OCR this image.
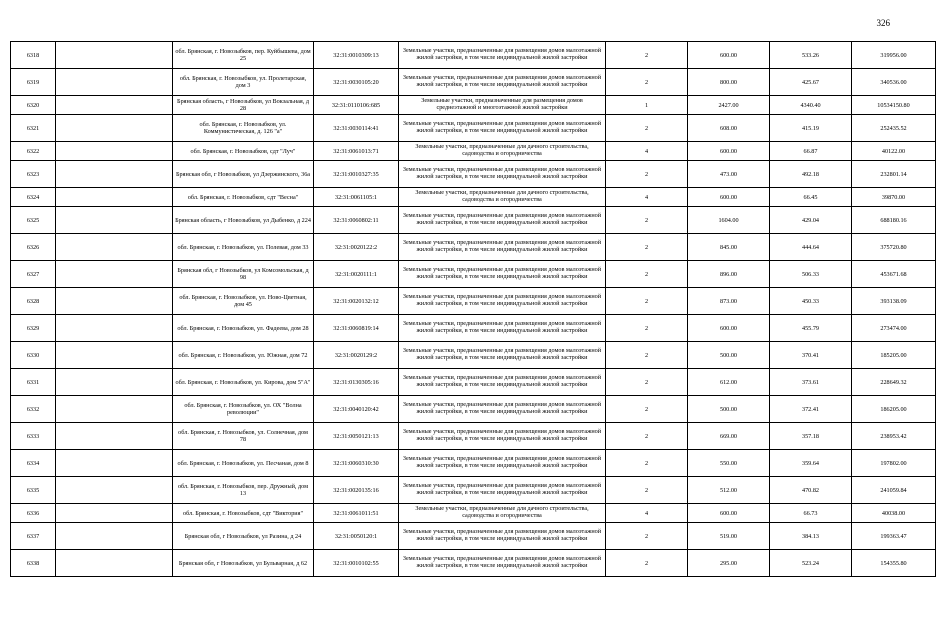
326
6318		обл. Брянская, г. Новозыбков, пер. Куйбышева, дом 25	32:31:0010309:13	Земельные участки, предназначенные для размещения домов малоэтажной жилой застройки, в том числе индивидуальной жилой застройки	2	600.00	533.26	319956.00
6319		обл. Брянская, г. Новозыбков, ул. Пролетарская, дом 3	32:31:0030105:20	Земельные участки, предназначенные для размещения домов малоэтажной жилой застройки, в том числе индивидуальной жилой застройки	2	800.00	425.67	340536.00
6320		Брянская область, г Новозыбков, ул Вокзальная, д 28	32:31:0110106:685	Земельные участки, предназначенные для размещения домов среднеэтажной и многоэтажной жилой застройки	1	2427.00	4340.40	10534150.80
6321		обл. Брянская, г. Новозыбков, ул. Коммунистическая, д. 126 "а"	32:31:0030114:41	Земельные участки, предназначенные для размещения домов малоэтажной жилой застройки, в том числе индивидуальной жилой застройки	2	608.00	415.19	252435.52
6322		обл. Брянская, г. Новозыбков, сдт "Луч"	32:31:0061013:71	Земельные участки, предназначенные для дачного строительства, садоводства и огородничества	4	600.00	66.87	40122.00
6323		Брянская обл, г Новозыбков, ул Дзержинского, 36а	32:31:0010327:35	Земельные участки, предназначенные для размещения домов малоэтажной жилой застройки, в том числе индивидуальной жилой застройки	2	473.00	492.18	232801.14
6324		обл. Брянская, г. Новозыбков, сдт "Весна"	32:31:0061105:1	Земельные участки, предназначенные для дачного строительства, садоводства и огородничества	4	600.00	66.45	39870.00
6325		Брянская область, г Новозыбков, ул Дыбенко, д 224	32:31:0060802:11	Земельные участки, предназначенные для размещения домов малоэтажной жилой застройки, в том числе индивидуальной жилой застройки	2	1604.00	429.04	688180.16
6326		обл. Брянская, г. Новозыбков, ул. Полевая, дом 33	32:31:0020122:2	Земельные участки, предназначенные для размещения домов малоэтажной жилой застройки, в том числе индивидуальной жилой застройки	2	845.00	444.64	375720.80
6327		Брянская обл, г Новозыбков, ул Комсомольская, д 98	32:31:0020111:1	Земельные участки, предназначенные для размещения домов малоэтажной жилой застройки, в том числе индивидуальной жилой застройки	2	896.00	506.33	453671.68
6328		обл. Брянская, г. Новозыбков, ул. Ново-Цветная, дом 45	32:31:0020132:12	Земельные участки, предназначенные для размещения домов малоэтажной жилой застройки, в том числе индивидуальной жилой застройки	2	873.00	450.33	393138.09
6329		обл. Брянская, г. Новозыбков, ул. Фадеева, дом 28	32:31:0060819:14	Земельные участки, предназначенные для размещения домов малоэтажной жилой застройки, в том числе индивидуальной жилой застройки	2	600.00	455.79	273474.00
6330		обл. Брянская, г. Новозыбков, ул. Южная, дом 72	32:31:0020129:2	Земельные участки, предназначенные для размещения домов малоэтажной жилой застройки, в том числе индивидуальной жилой застройки	2	500.00	370.41	185205.00
6331		обл. Брянская, г. Новозыбков, ул. Кирова, дом 5"А"	32:31:0130305:16	Земельные участки, предназначенные для размещения домов малоэтажной жилой застройки, в том числе индивидуальной жилой застройки	2	612.00	373.61	228649.32
6332		обл. Брянская, г. Новозыбков, ул. ОХ "Волна революции"	32:31:0040120:42	Земельные участки, предназначенные для размещения домов малоэтажной жилой застройки, в том числе индивидуальной жилой застройки	2	500.00	372.41	186205.00
6333		обл. Брянская, г. Новозыбков, ул. Солнечная, дом 78	32:31:0050121:13	Земельные участки, предназначенные для размещения домов малоэтажной жилой застройки, в том числе индивидуальной жилой застройки	2	669.00	357.18	238953.42
6334		обл. Брянская, г. Новозыбков, ул. Песчаная, дом 8	32:31:0060310:30	Земельные участки, предназначенные для размещения домов малоэтажной жилой застройки, в том числе индивидуальной жилой застройки	2	550.00	359.64	197802.00
6335		обл. Брянская, г. Новозыбков, пер. Дружный, дом 13	32:31:0020135:16	Земельные участки, предназначенные для размещения домов малоэтажной жилой застройки, в том числе индивидуальной жилой застройки	2	512.00	470.82	241059.84
6336		обл. Брянская, г. Новозыбков, сдт "Виктория"	32:31:0061011:51	Земельные участки, предназначенные для дачного строительства, садоводства и огородничества	4	600.00	66.73	40038.00
6337		Брянская обл, г Новозыбков, ул Разина, д 24	32:31:0050120:1	Земельные участки, предназначенные для размещения домов малоэтажной жилой застройки, в том числе индивидуальной жилой застройки	2	519.00	384.13	199363.47
6338		Брянская обл, г Новозыбков, ул Бульварная, д 62	32:31:0010102:55	Земельные участки, предназначенные для размещения домов малоэтажной жилой застройки, в том числе индивидуальной жилой застройки	2	295.00	523.24	154355.80
